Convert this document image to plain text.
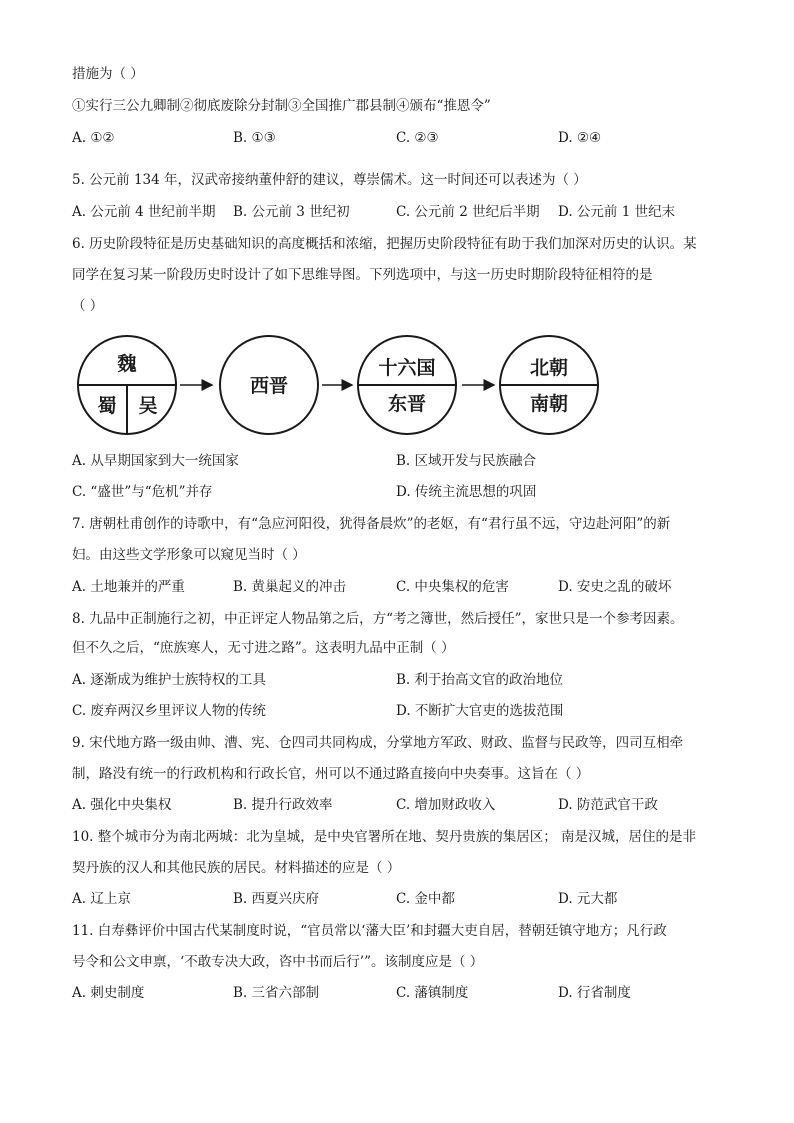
措施为（ ）
①实行三公九卿制②彻底废除分封制③全国推广郡县制④颁布“推恩令”
A. ①②	B. ①③	C. ②③	D. ②④
5. 公元前 134 年，汉武帝接纳董仲舒的建议，尊崇儒术。这一时间还可以表述为（ ）
A. 公元前 4 世纪前半期 B. 公元前 3 世纪初	C. 公元前 2 世纪后半期 D. 公元前 1 世纪末
6. 历史阶段特征是历史基础知识的高度概括和浓缩，把握历史阶段特征有助于我们加深对历史的认识。某
同学在复习某一阶段历史时设计了如下思维导图。下列选项中，与这一历史时期阶段特征相符的是
（ ）
魏
蜀 吴
西晋
十六国
东晋
北朝
南朝
A. 从早期国家到大一统国家	B. 区域开发与民族融合
C. “盛世”与“危机”并存	D. 传统主流思想的巩固
7. 唐朝杜甫创作的诗歌中，有“急应河阳役，犹得备晨炊”的老妪，有“君行虽不远，守边赴河阳”的新
妇。由这些文学形象可以窥见当时（ ）
A. 土地兼并的严重	B. 黄巢起义的冲击	C. 中央集权的危害	D. 安史之乱的破坏
8. 九品中正制施行之初，中正评定人物品第之后，方“考之簿世，然后授任”，家世只是一个参考因素。
但不久之后，“庶族寒人，无寸进之路”。这表明九品中正制（ ）
A. 逐渐成为维护士族特权的工具	B. 利于抬高文官的政治地位
C. 废弃两汉乡里评议人物的传统	D. 不断扩大官吏的选拔范围
9. 宋代地方路一级由帅、漕、宪、仓四司共同构成，分掌地方军政、财政、监督与民政等，四司互相牵
制，路没有统一的行政机构和行政长官，州可以不通过路直接向中央奏事。这旨在（ ）
A. 强化中央集权	B. 提升行政效率	C. 增加财政收入	D. 防范武官干政
10. 整个城市分为南北两城：北为皇城，是中央官署所在地、契丹贵族的集居区； 南是汉城，居住的是非
契丹族的汉人和其他民族的居民。材料描述的应是（ ）
A. 辽上京	B. 西夏兴庆府	C. 金中都	D. 元大都
11. 白寿彝评价中国古代某制度时说，“官员常以‘藩大臣’和封疆大吏自居，替朝廷镇守地方；凡行政
号令和公文申禀，‘不敢专决大政，咨中书而后行’”。该制度应是（ ）
A. 刺史制度	B. 三省六部制	C. 藩镇制度	D. 行省制度
